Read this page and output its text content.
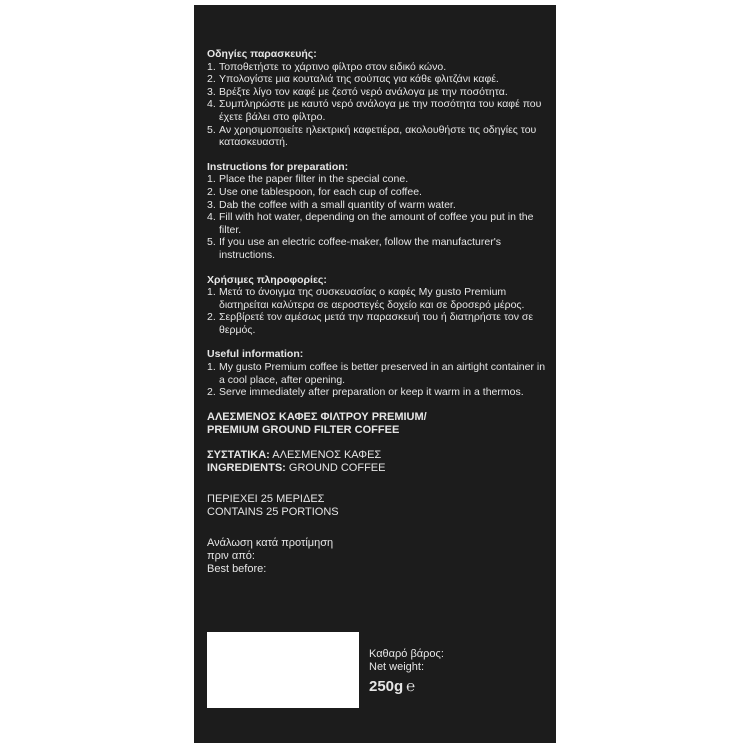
Οδηγίες παρασκευής:
1. Τοποθετήστε το χάρτινο φίλτρο στον ειδικό κώνο.
2. Υπολογίστε μια κουταλιά της σούπας για κάθε φλιτζάνι καφέ.
3. Βρέξτε λίγο τον καφέ με ζεστό νερό ανάλογα με την ποσότητα.
4. Συμπληρώστε με καυτό νερό ανάλογα με την ποσότητα του καφέ που έχετε βάλει στο φίλτρο.
5. Αν χρησιμοποιείτε ηλεκτρική καφετιέρα, ακολουθήστε τις οδηγίες του κατασκευαστή.
Instructions for preparation:
1. Place the paper filter in the special cone.
2. Use one tablespoon, for each cup of coffee.
3. Dab the coffee with a small quantity of warm water.
4. Fill with hot water, depending on the amount of coffee you put in the filter.
5. If you use an electric coffee-maker, follow the manufacturer's instructions.
Χρήσιμες πληροφορίες:
1. Μετά το άνοιγμα της συσκευασίας ο καφές My gusto Premium διατηρείται καλύτερα σε αεροστεγές δοχείο και σε δροσερό μέρος.
2. Σερβίρετέ τον αμέσως μετά την παρασκευή του ή διατηρήστε τον σε θερμός.
Useful information:
1. My gusto Premium coffee is better preserved in an airtight container in a cool place, after opening.
2. Serve immediately after preparation or keep it warm in a thermos.
ΑΛΕΣΜΕΝΟΣ ΚΑΦΕΣ ΦΙΛΤΡΟΥ PREMIUM/
PREMIUM GROUND FILTER COFFEE
ΣΥΣΤΑΤΙΚΑ: ΑΛΕΣΜΕΝΟΣ ΚΑΦΕΣ
INGREDIENTS: GROUND COFFEE
ΠΕΡΙΕΧΕΙ 25 ΜΕΡΙΔΕΣ
CONTAINS 25 PORTIONS
Ανάλωση κατά προτίμηση
πριν από:
Best before:
Καθαρό βάρος:
Net weight:
250g ℮
